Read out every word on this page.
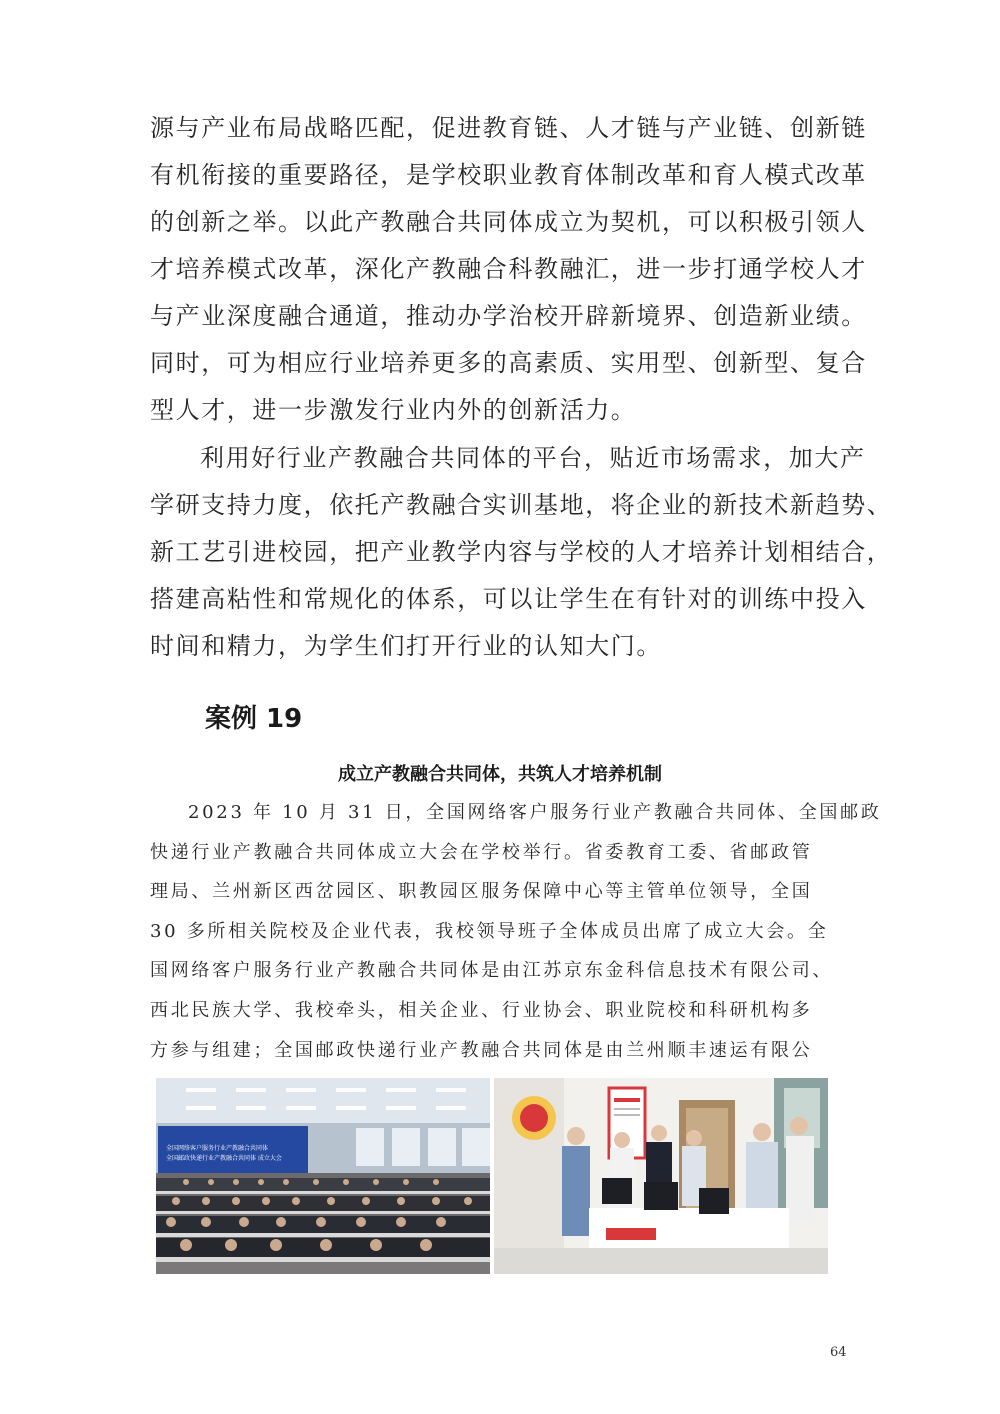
源与产业布局战略匹配，促进教育链、人才链与产业链、创新链
有机衔接的重要路径，是学校职业教育体制改革和育人模式改革
的创新之举。以此产教融合共同体成立为契机，可以积极引领人
才培养模式改革，深化产教融合科教融汇，进一步打通学校人才
与产业深度融合通道，推动办学治校开辟新境界、创造新业绩。
同时，可为相应行业培养更多的高素质、实用型、创新型、复合
型人才，进一步激发行业内外的创新活力。
利用好行业产教融合共同体的平台，贴近市场需求，加大产
学研支持力度，依托产教融合实训基地，将企业的新技术新趋势、
新工艺引进校园，把产业教学内容与学校的人才培养计划相结合，
搭建高粘性和常规化的体系，可以让学生在有针对的训练中投入
时间和精力，为学生们打开行业的认知大门。
案例 19
成立产教融合共同体，共筑人才培养机制
2023 年 10 月 31 日，全国网络客户服务行业产教融合共同体、全国邮政
快递行业产教融合共同体成立大会在学校举行。省委教育工委、省邮政管
理局、兰州新区西岔园区、职教园区服务保障中心等主管单位领导，全国
30 多所相关院校及企业代表，我校领导班子全体成员出席了成立大会。全
国网络客户服务行业产教融合共同体是由江苏京东金科信息技术有限公司、
西北民族大学、我校牵头，相关企业、行业协会、职业院校和科研机构多
方参与组建；全国邮政快递行业产教融合共同体是由兰州顺丰速运有限公
全国网络客户服务行业产教融合共同体
全国邮政快递行业产教融合共同体 成立大会
64
